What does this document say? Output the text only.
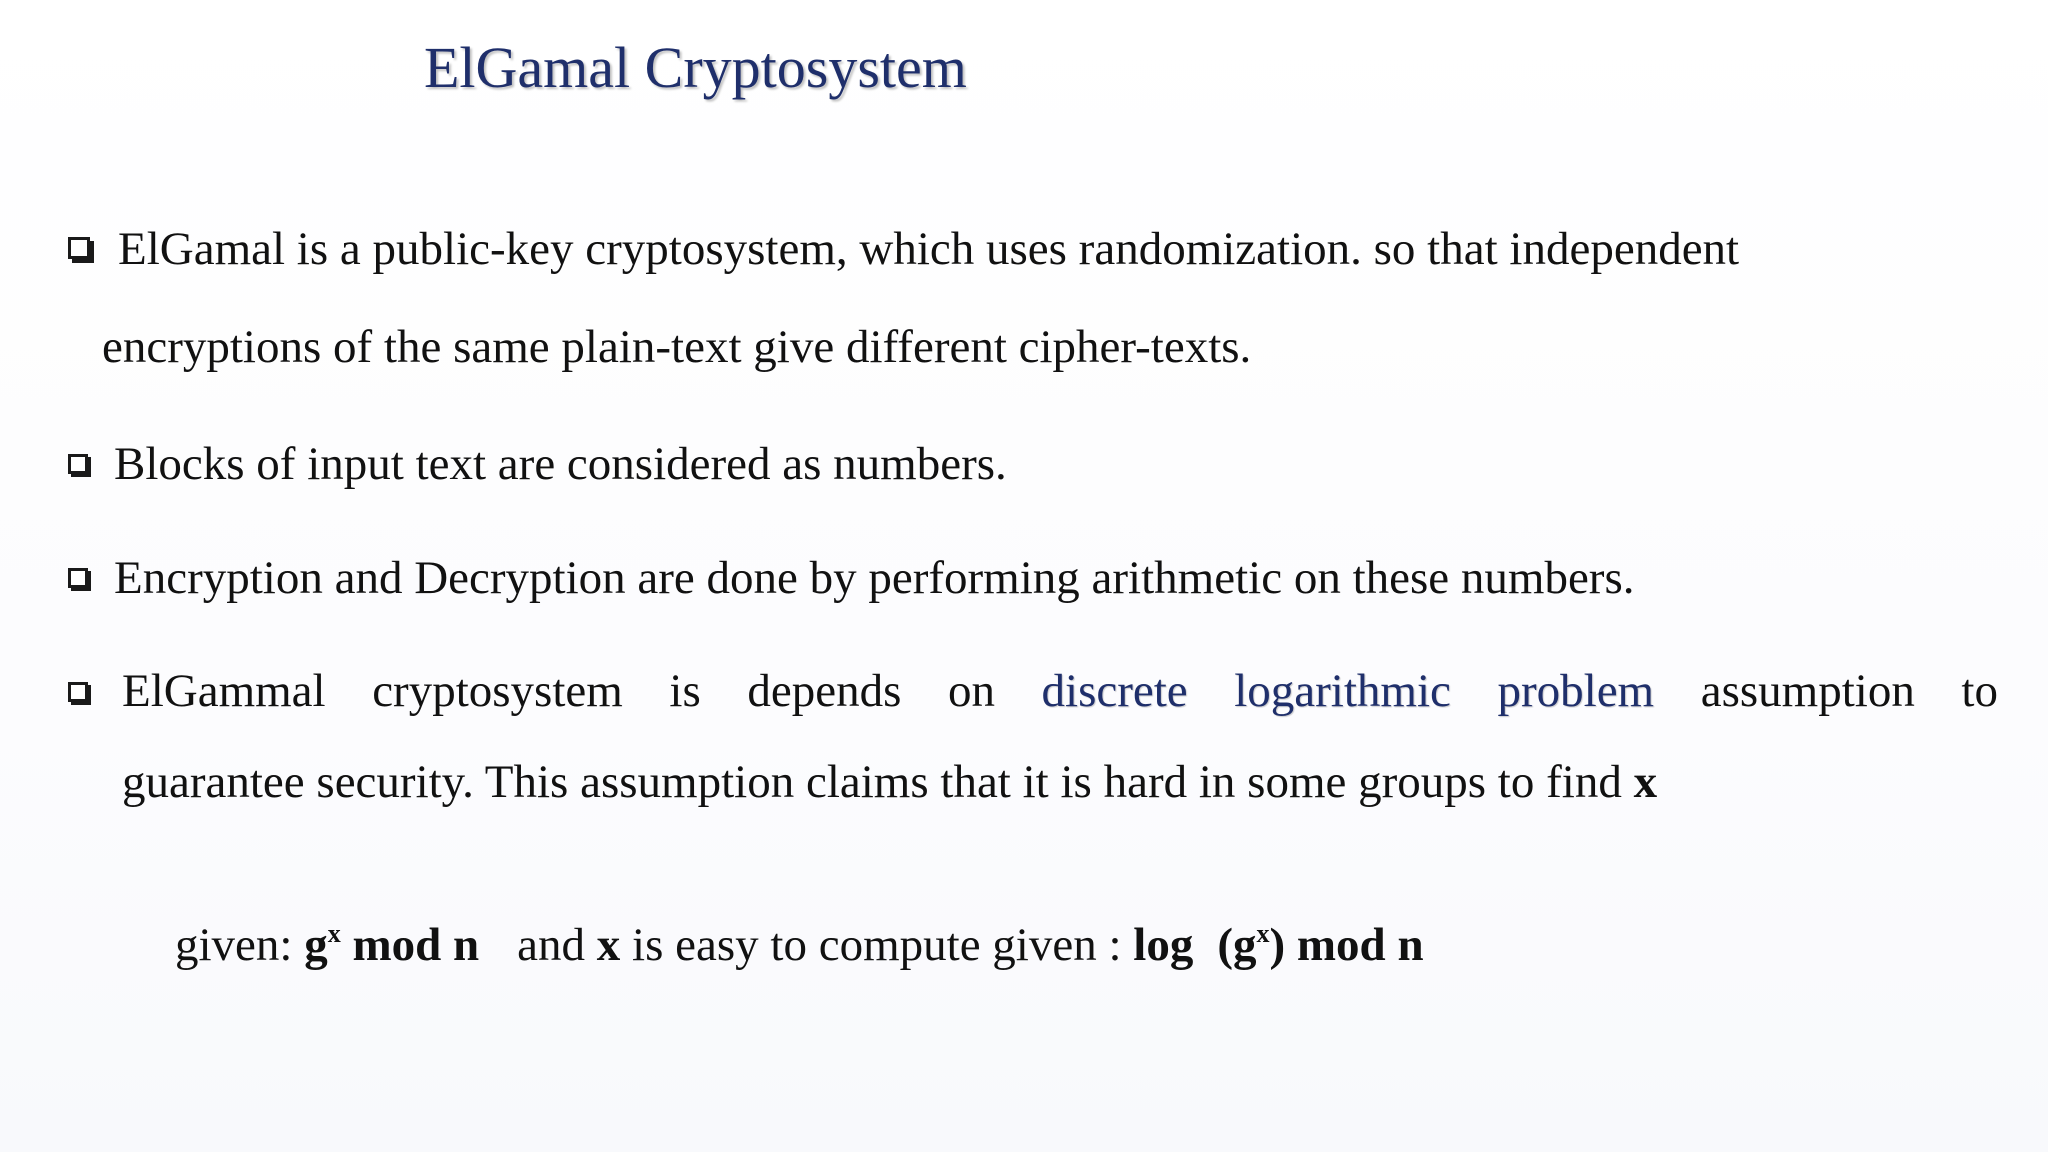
ElGamal Cryptosystem
ElGamal is a public-key cryptosystem, which uses randomization. so that independent
encryptions of the same plain-text give different cipher-texts.
Blocks of input text are considered as numbers.
Encryption and Decryption are done by performing arithmetic on these numbers.
ElGammal cryptosystem is depends on discrete logarithmic problem assumption to
guarantee security. This assumption claims that it is hard in some groups to find x

given: $g^x$ mod n and x is easy to compute given : $\log (g^x)$ mod n
